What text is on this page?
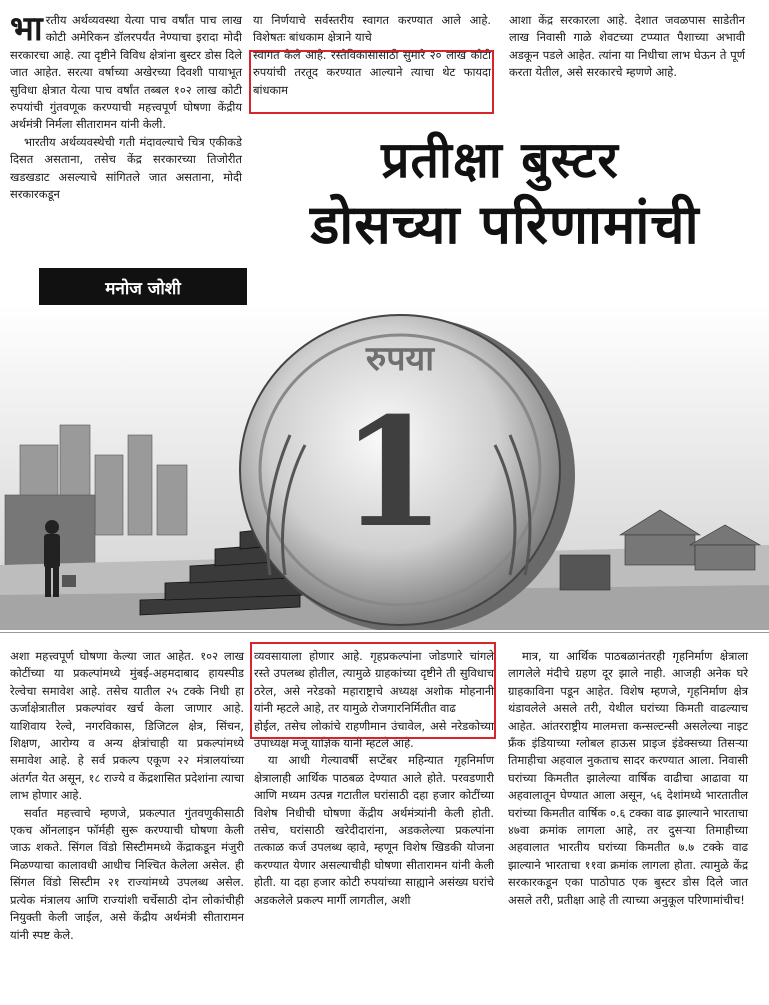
भारतीय अर्थव्यवस्था येत्या पाच वर्षांत पाच लाख कोटी अमेरिकन डॉलरपर्यंत नेण्याचा इरादा मोदी सरकारचा आहे. त्या दृष्टीने विविध क्षेत्रांना बुस्टर डोस दिले जात आहेत. सरत्या वर्षाच्या अखेरच्या दिवशी पायाभूत सुविधा क्षेत्रात येत्या पाच वर्षांत तब्बल १०२ लाख कोटी रुपयांची गुंतवणूक करण्याची महत्त्वपूर्ण घोषणा केंद्रीय अर्थमंत्री निर्मला सीतारामन यांनी केली.

भारतीय अर्थव्यवस्थेची गती मंदावल्याचे चित्र एकीकडे दिसत असताना, तसेच केंद्र सरकारच्या तिजोरीत खडखडाट असल्याचे सांगितले जात असताना, मोदी सरकारकडून

या निर्णयाचे सर्वस्तरीय स्वागत करण्यात आले आहे. विशेषतः बांधकाम क्षेत्राने याचे

स्वागत केले आहे. रस्तेविकासासाठी सुमारे २० लाख कोटी रुपयांची तरतूद करण्यात आल्याने त्याचा थेट फायदा बांधकाम

आशा केंद्र सरकारला आहे. देशात जवळपास साडेतीन लाख निवासी गाळे शेवटच्या टप्प्यात पैशाच्या अभावी अडकून पडले आहेत. त्यांना या निधीचा लाभ घेऊन ते पूर्ण करता येतील, असे सरकारचे म्हणणे आहे.

प्रतीक्षा बुस्टर
डोसच्या परिणामांची
मनोज जोशी
रुपया
1

अशा महत्त्वपूर्ण घोषणा केल्या जात आहेत. १०२ लाख कोटींच्या या प्रकल्पांमध्ये मुंबई-अहमदाबाद हायस्पीड रेल्वेचा समावेश आहे. तसेच यातील २५ टक्के निधी हा ऊर्जाक्षेत्रातील प्रकल्पांवर खर्च केला जाणार आहे. याशिवाय रेल्वे, नगरविकास, डिजिटल क्षेत्र, सिंचन, शिक्षण, आरोग्य व अन्य क्षेत्रांचाही या प्रकल्पांमध्ये समावेश आहे. हे सर्व प्रकल्प एकूण २२ मंत्रालयांच्या अंतर्गत येत असून, १८ राज्ये व केंद्रशासित प्रदेशांना त्याचा लाभ होणार आहे.

सर्वात महत्त्वाचे म्हणजे, प्रकल्पात गुंतवणुकीसाठी एकच ऑनलाइन फॉर्मही सुरू करण्याची घोषणा केली जाऊ शकते. सिंगल विंडो सिस्टीममध्ये केंद्राकडून मंजुरी मिळण्याचा कालावधी आधीच निश्चित केलेला असेल. ही सिंगल विंडो सिस्टीम २१ राज्यांमध्ये उपलब्ध असेल. प्रत्येक मंत्रालय आणि राज्यांशी चर्चेसाठी दोन लोकांचीही नियुक्ती केली जाईल, असे केंद्रीय अर्थमंत्री सीतारामन यांनी स्पष्ट केले.

व्यवसायाला होणार आहे. गृहप्रकल्पांना जोडणारे चांगले रस्ते उपलब्ध होतील, त्यामुळे ग्राहकांच्या दृष्टीने ती सुविधाच ठरेल, असे नरेडको महाराष्ट्राचे अध्यक्ष अशोक मोहनानी यांनी म्हटले आहे, तर यामुळे रोजगारनिर्मितीत वाढ

होईल, तसेच लोकांचे राहणीमान उंचावेल, असे नरेडकोच्या उपाध्यक्ष मंजू याज्ञिक यांनी म्हटले आहे.

या आधी गेल्यावर्षी सप्टेंबर महिन्यात गृहनिर्माण क्षेत्रालाही आर्थिक पाठबळ देण्यात आले होते. परवडणारी आणि मध्यम उत्पन्न गटातील घरांसाठी दहा हजार कोटींच्या विशेष निधीची घोषणा केंद्रीय अर्थमंत्र्यांनी केली होती. तसेच, घरांसाठी खरेदीदारांना, अडकलेल्या प्रकल्पांना तत्काळ कर्ज उपलब्ध व्हावे, म्हणून विशेष खिडकी योजना करण्यात येणार असल्याचीही घोषणा सीतारामन यांनी केली होती. या दहा हजार कोटी रुपयांच्या साह्याने असंख्य घरांचे अडकलेले प्रकल्प मार्गी लागतील, अशी

मात्र, या आर्थिक पाठबळानंतरही गृहनिर्माण क्षेत्राला लागलेले मंदीचे ग्रहण दूर झाले नाही. आजही अनेक घरे ग्राहकाविना पडून आहेत. विशेष म्हणजे, गृहनिर्माण क्षेत्र थंडावलेले असले तरी, येथील घरांच्या किमती वाढल्याच आहेत. आंतरराष्ट्रीय मालमत्ता कन्सल्टन्सी असलेल्या नाइट फ्रँक इंडियाच्या ग्लोबल हाऊस प्राइज इंडेक्सच्या तिसऱ्या तिमाहीचा अहवाल नुकताच सादर करण्यात आला. निवासी घरांच्या किमतीत झालेल्या वार्षिक वाढीचा आढावा या अहवालातून घेण्यात आला असून, ५६ देशांमध्ये भारतातील घरांच्या किमतीत वार्षिक ०.६ टक्का वाढ झाल्याने भारताचा ४७वा क्रमांक लागला आहे, तर दुसऱ्या तिमाहीच्या अहवालात भारतीय घरांच्या किमतीत ७.७ टक्के वाढ झाल्याने भारताचा ११वा क्रमांक लागला होता. त्यामुळे केंद्र सरकारकडून एका पाठोपाठ एक बुस्टर डोस दिले जात असले तरी, प्रतीक्षा आहे ती त्याच्या अनुकूल परिणामांचीच!
